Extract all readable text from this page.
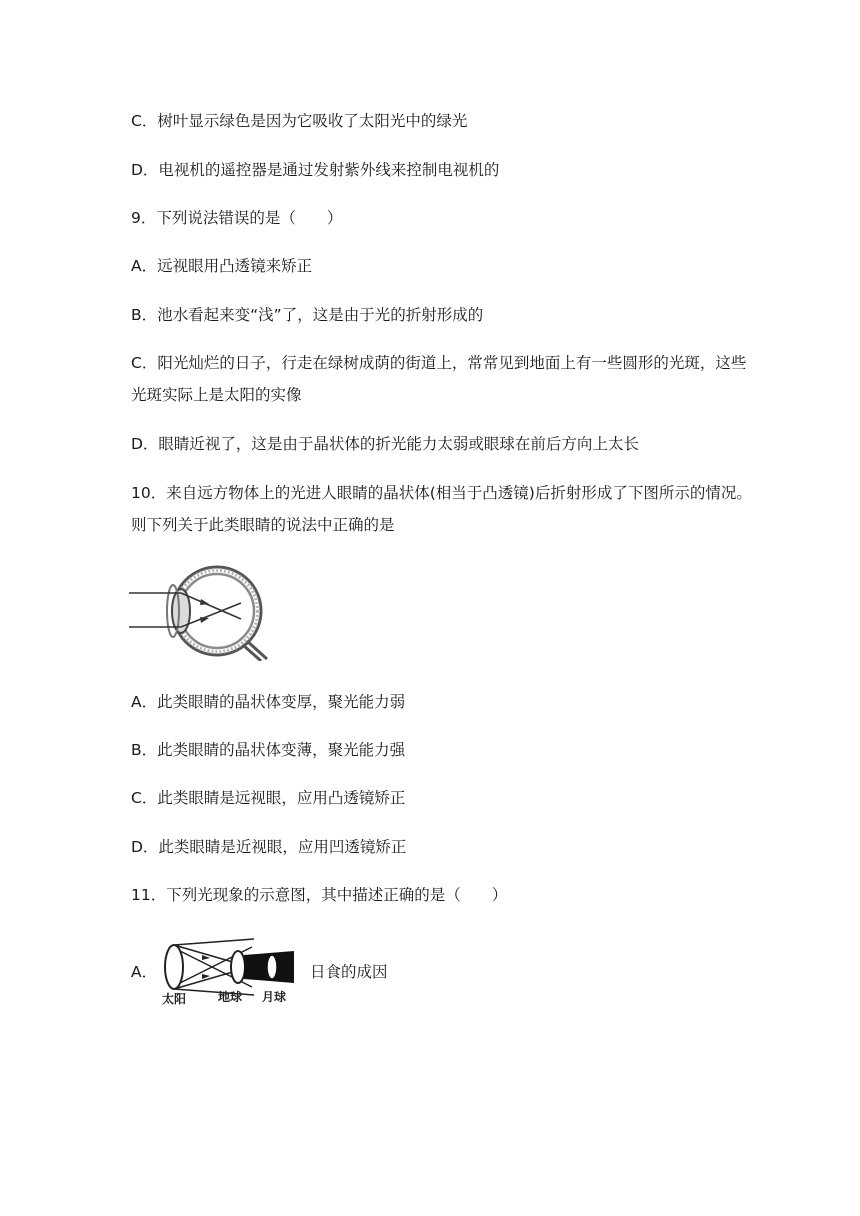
C．树叶显示绿色是因为它吸收了太阳光中的绿光
D．电视机的遥控器是通过发射紫外线来控制电视机的
9．下列说法错误的是（　　）
A．远视眼用凸透镜来矫正
B．池水看起来变“浅”了，这是由于光的折射形成的
C．阳光灿烂的日子，行走在绿树成荫的街道上，常常见到地面上有一些圆形的光斑，这些
光斑实际上是太阳的实像
D．眼睛近视了，这是由于晶状体的折光能力太弱或眼球在前后方向上太长
10．来自远方物体上的光进人眼睛的晶状体(相当于凸透镜)后折射形成了下图所示的情况。
则下列关于此类眼睛的说法中正确的是
A．此类眼睛的晶状体变厚，聚光能力弱
B．此类眼睛的晶状体变薄，聚光能力强
C．此类眼睛是远视眼，应用凸透镜矫正
D．此类眼睛是近视眼，应用凹透镜矫正
11．下列光现象的示意图，其中描述正确的是（　　）
A．
太阳	地球 月球
日食的成因
